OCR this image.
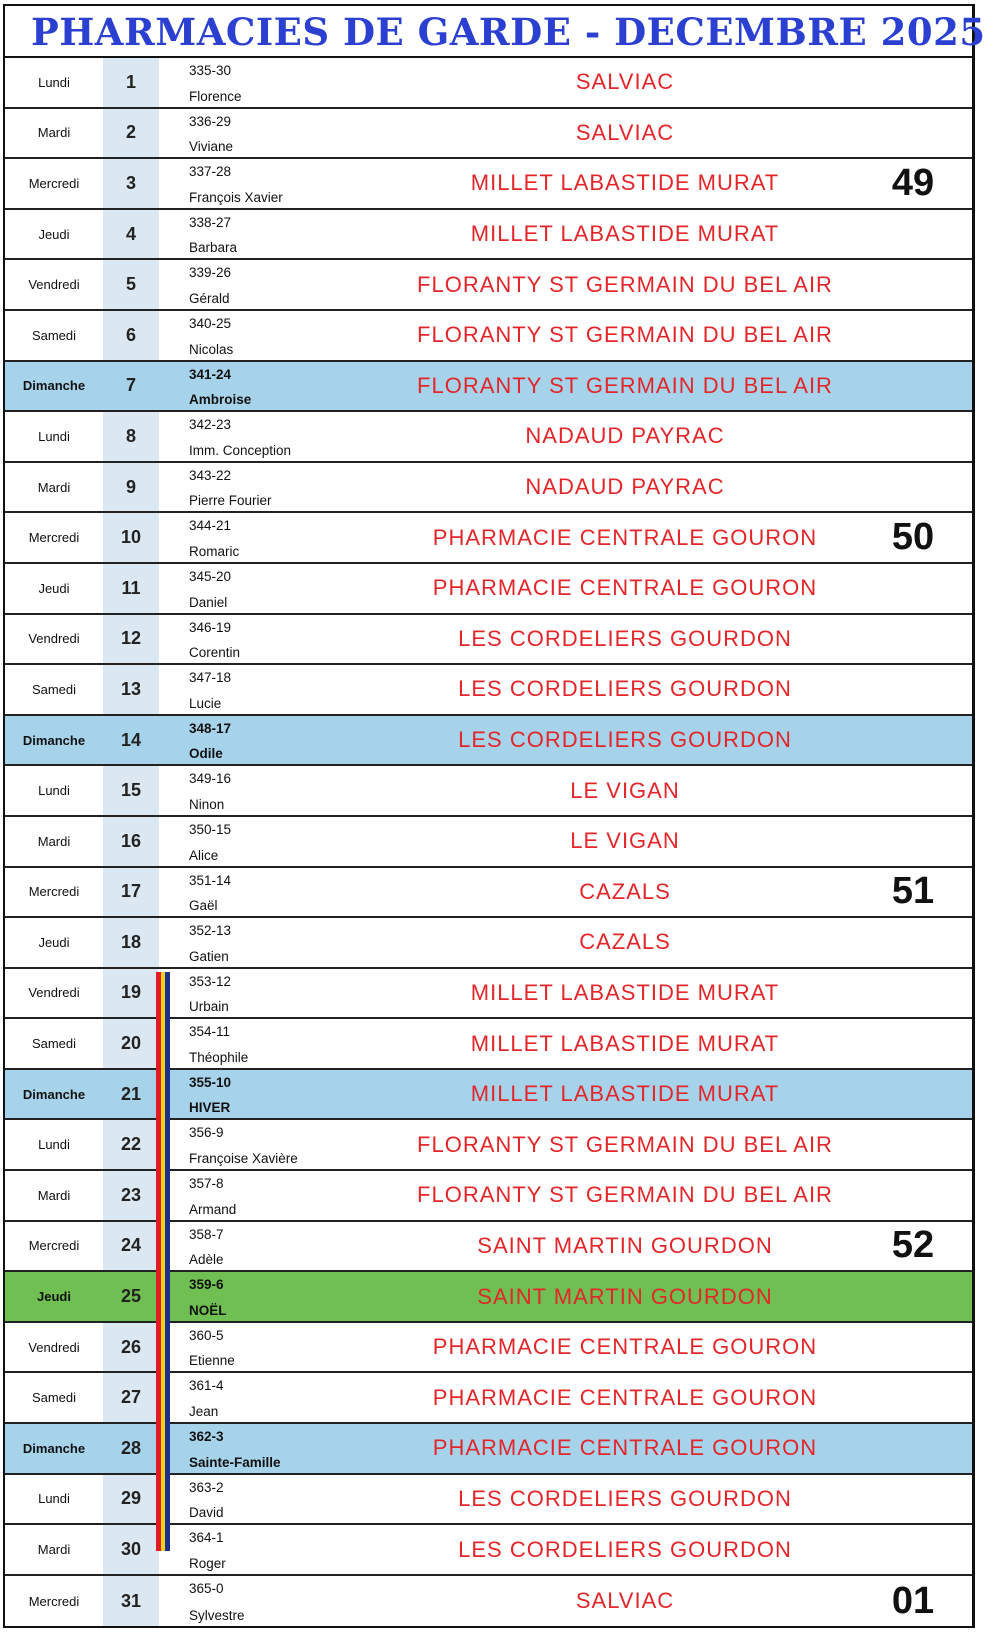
PHARMACIES DE GARDE - DECEMBRE 2025
Lundi	1
335-30
Florence
SALVIAC
Mardi	2
336-29
Viviane
SALVIAC
Mercredi	3
337-28
François Xavier
MILLET LABASTIDE MURAT	49
Jeudi	4
338-27
Barbara
MILLET LABASTIDE MURAT
Vendredi	5
339-26
Gérald
FLORANTY ST GERMAIN DU BEL AIR
Samedi	6
340-25
Nicolas
FLORANTY ST GERMAIN DU BEL AIR
Dimanche	7
341-24
Ambroise
FLORANTY ST GERMAIN DU BEL AIR
Lundi	8
342-23
Imm. Conception
NADAUD PAYRAC
Mardi	9
343-22
Pierre Fourier
NADAUD PAYRAC
Mercredi	10
344-21
Romaric
PHARMACIE CENTRALE GOURON	50
Jeudi	11
345-20
Daniel
PHARMACIE CENTRALE GOURON
Vendredi	12
346-19
Corentin
LES CORDELIERS GOURDON
Samedi	13
347-18
Lucie
LES CORDELIERS GOURDON
Dimanche	14
348-17
Odile
LES CORDELIERS GOURDON
Lundi	15
349-16
Ninon
LE VIGAN
Mardi	16
350-15
Alice
LE VIGAN
Mercredi	17
351-14
Gaël
CAZALS	51
Jeudi	18
352-13
Gatien
CAZALS
Vendredi	19
353-12
Urbain
MILLET LABASTIDE MURAT
Samedi	20
354-11
Théophile
MILLET LABASTIDE MURAT
Dimanche	21
355-10
HIVER
MILLET LABASTIDE MURAT
Lundi	22
356-9
Françoise Xavière
FLORANTY ST GERMAIN DU BEL AIR
Mardi	23
357-8
Armand
FLORANTY ST GERMAIN DU BEL AIR
Mercredi	24
358-7
Adèle
SAINT MARTIN GOURDON	52
Jeudi	25
359-6
NOËL
SAINT MARTIN GOURDON
Vendredi	26
360-5
Etienne
PHARMACIE CENTRALE GOURON
Samedi	27
361-4
Jean
PHARMACIE CENTRALE GOURON
Dimanche	28
362-3
Sainte-Famille
PHARMACIE CENTRALE GOURON
Lundi	29
363-2
David
LES CORDELIERS GOURDON
Mardi	30
364-1
Roger
LES CORDELIERS GOURDON
Mercredi	31
365-0
Sylvestre
SALVIAC	01
